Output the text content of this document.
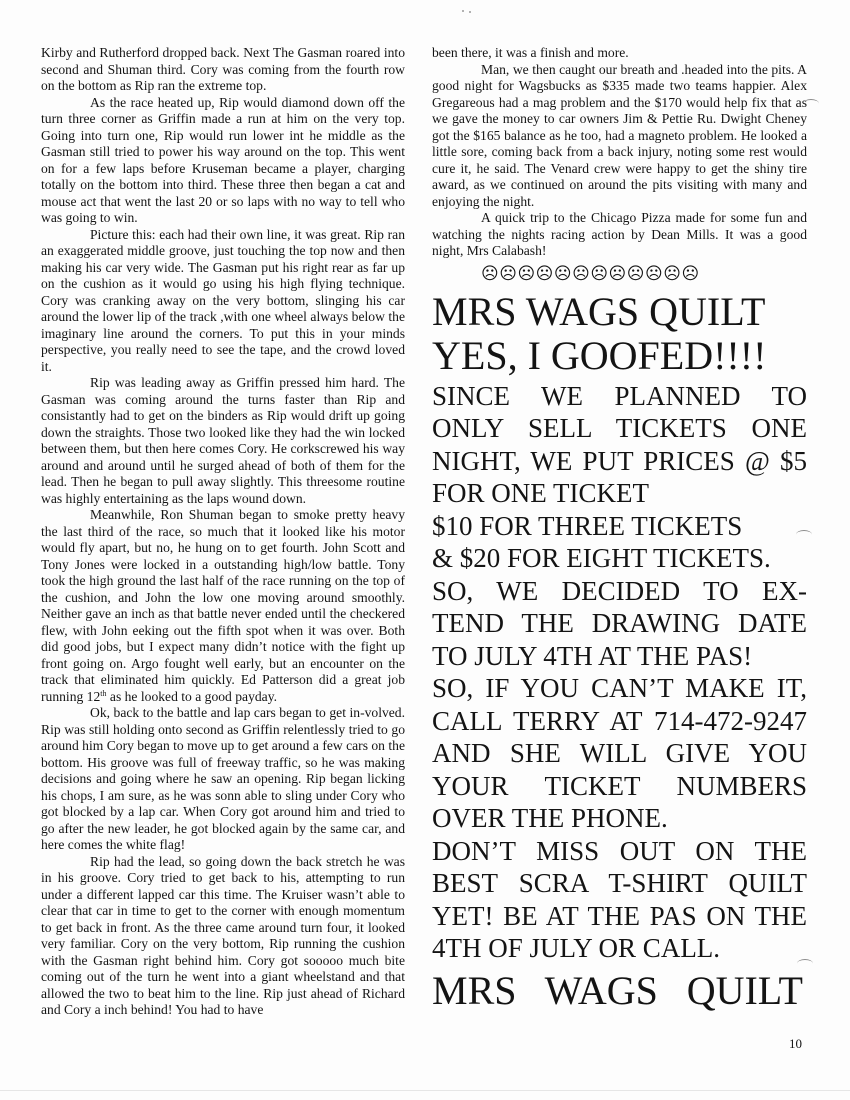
Kirby and Rutherford dropped back. Next The Gasman roared into second and Shuman third. Cory was coming from the fourth row on the bottom as Rip ran the extreme top.

As the race heated up, Rip would diamond down off the turn three corner as Griffin made a run at him on the very top. Going into turn one, Rip would run lower int he middle as the Gasman still tried to power his way around on the top. This went on for a few laps before Kruseman became a player, charging totally on the bottom into third. These three then began a cat and mouse act that went the last 20 or so laps with no way to tell who was going to win.

Picture this: each had their own line, it was great. Rip ran an exaggerated middle groove, just touching the top now and then making his car very wide. The Gasman put his right rear as far up on the cushion as it would go using his high flying technique. Cory was cranking away on the very bottom, slinging his car around the lower lip of the track ,with one wheel always below the imaginary line around the corners. To put this in your minds perspective, you really need to see the tape, and the crowd loved it.

Rip was leading away as Griffin pressed him hard. The Gasman was coming around the turns faster than Rip and consistantly had to get on the binders as Rip would drift up going down the straights. Those two looked like they had the win locked between them, but then here comes Cory. He corkscrewed his way around and around until he surged ahead of both of them for the lead. Then he began to pull away slightly. This threesome routine was highly entertaining as the laps wound down.

Meanwhile, Ron Shuman began to smoke pretty heavy the last third of the race, so much that it looked like his motor would fly apart, but no, he hung on to get fourth. John Scott and Tony Jones were locked in a outstanding high/low battle. Tony took the high ground the last half of the race running on the top of the cushion, and John the low one moving around smoothly. Neither gave an inch as that battle never ended until the checkered flew, with John eeking out the fifth spot when it was over. Both did good jobs, but I expect many didn’t notice with the fight up front going on. Argo fought well early, but an encounter on the track that eliminated him quickly. Ed Patterson did a great job running 12th as he looked to a good payday.

Ok, back to the battle and lap cars began to get in-volved. Rip was still holding onto second as Griffin relentlessly tried to go around him Cory began to move up to get around a few cars on the bottom. His groove was full of freeway traffic, so he was making decisions and going where he saw an opening. Rip began licking his chops, I am sure, as he was sonn able to sling under Cory who got blocked by a lap car. When Cory got around him and tried to go after the new leader, he got blocked again by the same car, and here comes the white flag!

Rip had the lead, so going down the back stretch he was in his groove. Cory tried to get back to his, attempting to run under a different lapped car this time. The Kruiser wasn’t able to clear that car in time to get to the corner with enough momentum to get back in front. As the three came around turn four, it looked very familiar. Cory on the very bottom, Rip running the cushion with the Gasman right behind him. Cory got sooooo much bite coming out of the turn he went into a giant wheelstand and that allowed the two to beat him to the line. Rip just ahead of Richard and Cory a inch behind! You had to have

been there, it was a finish and more.

Man, we then caught our breath and .headed into the pits. A good night for Wagsbucks as $335 made two teams happier. Alex Gregareous had a mag problem and the $170 would help fix that as we gave the money to car owners Jim & Pettie Ru. Dwight Cheney got the $165 balance as he too, had a magneto problem. He looked a little sore, coming back from a back injury, noting some rest would cure it, he said. The Venard crew were happy to get the shiny tire award, as we continued on around the pits visiting with many and enjoying the night.

A quick trip to the Chicago Pizza made for some fun and watching the nights racing action by Dean Mills. It was a good night, Mrs Calabash!

☹☹☹☹☹☹☹☹☹☹☹☹
MRS WAGS QUILT
YES, I GOOFED!!!!
SINCE WE PLANNED TO
ONLY SELL TICKETS ONE
NIGHT, WE PUT PRICES @ $5
FOR ONE TICKET
$10 FOR THREE TICKETS
& $20 FOR EIGHT TICKETS.
SO, WE DECIDED TO EX-
TEND THE DRAWING DATE
TO JULY 4TH AT THE PAS!
SO, IF YOU CAN’T MAKE IT,
CALL TERRY AT 714-472-9247
AND SHE WILL GIVE YOU
YOUR TICKET NUMBERS
OVER THE PHONE.
DON’T MISS OUT ON THE
BEST SCRA T-SHIRT QUILT
YET! BE AT THE PAS ON THE
4TH OF JULY OR CALL.
MRS WAGS QUILT
10
